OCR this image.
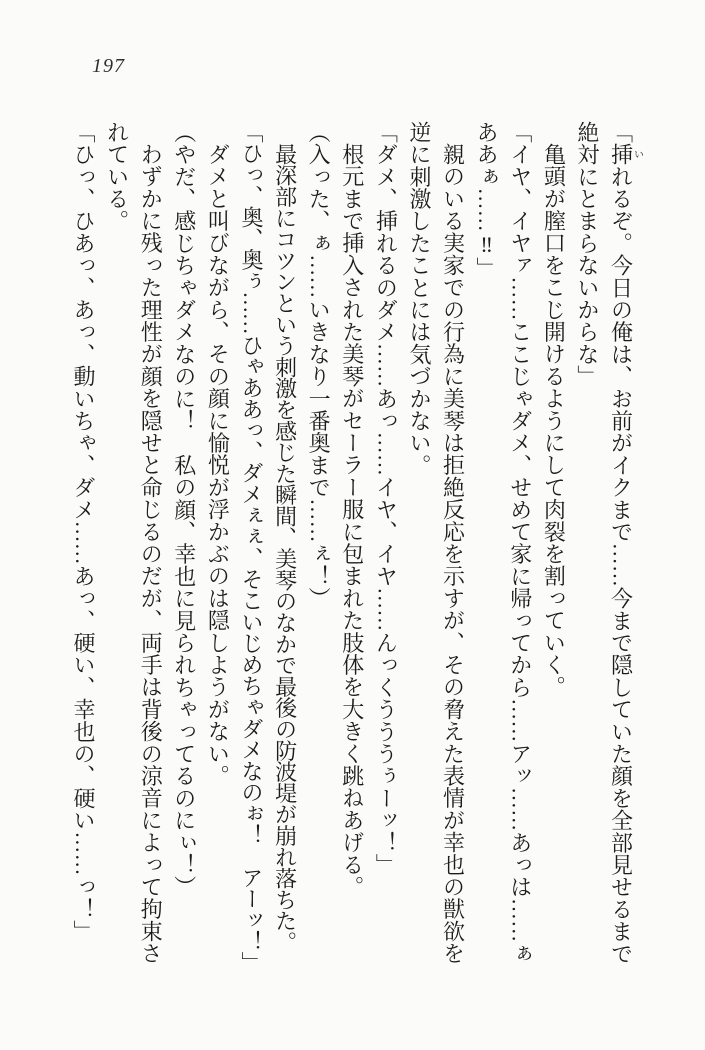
197

「挿いれるぞ。今日の俺は、お前がイクまで……今まで隠していた顔を全部見せるまで

絶対にとまらないからな」

亀頭が膣口をこじ開けるようにして肉裂を割っていく。

「イヤ、イヤァ……ここじゃダメ、せめて家に帰ってから……アッ……あっは……ぁ

ああぁ……‼」

親のいる実家での行為に美琴は拒絶反応を示すが、その脅えた表情が幸也の獣欲を

逆に刺激したことには気づかない。

「ダメ、挿れるのダメ……あっ……イヤ、イヤ……んっくうううぅーッ！」

根元まで挿入された美琴がセーラー服に包まれた肢体を大きく跳ねあげる。

（入った、ぁ……いきなり一番奥まで……ぇ！）

最深部にコツンという刺激を感じた瞬間、美琴のなかで最後の防波堤が崩れ落ちた。

「ひっ、奥、奥ぅ……ひゃああっ、ダメぇぇ、そこいじめちゃダメなのぉ！　アーッ！」

ダメと叫びながら、その顔に愉悦が浮かぶのは隠しようがない。

（やだ、感じちゃダメなのに！　私の顔、幸也に見られちゃってるのにぃ！）

わずかに残った理性が顔を隠せと命じるのだが、両手は背後の涼音によって拘束さ

れている。

「ひっ、ひあっ、あっ、動いちゃ、ダメ……あっ、硬い、幸也の、硬い……っ！」
